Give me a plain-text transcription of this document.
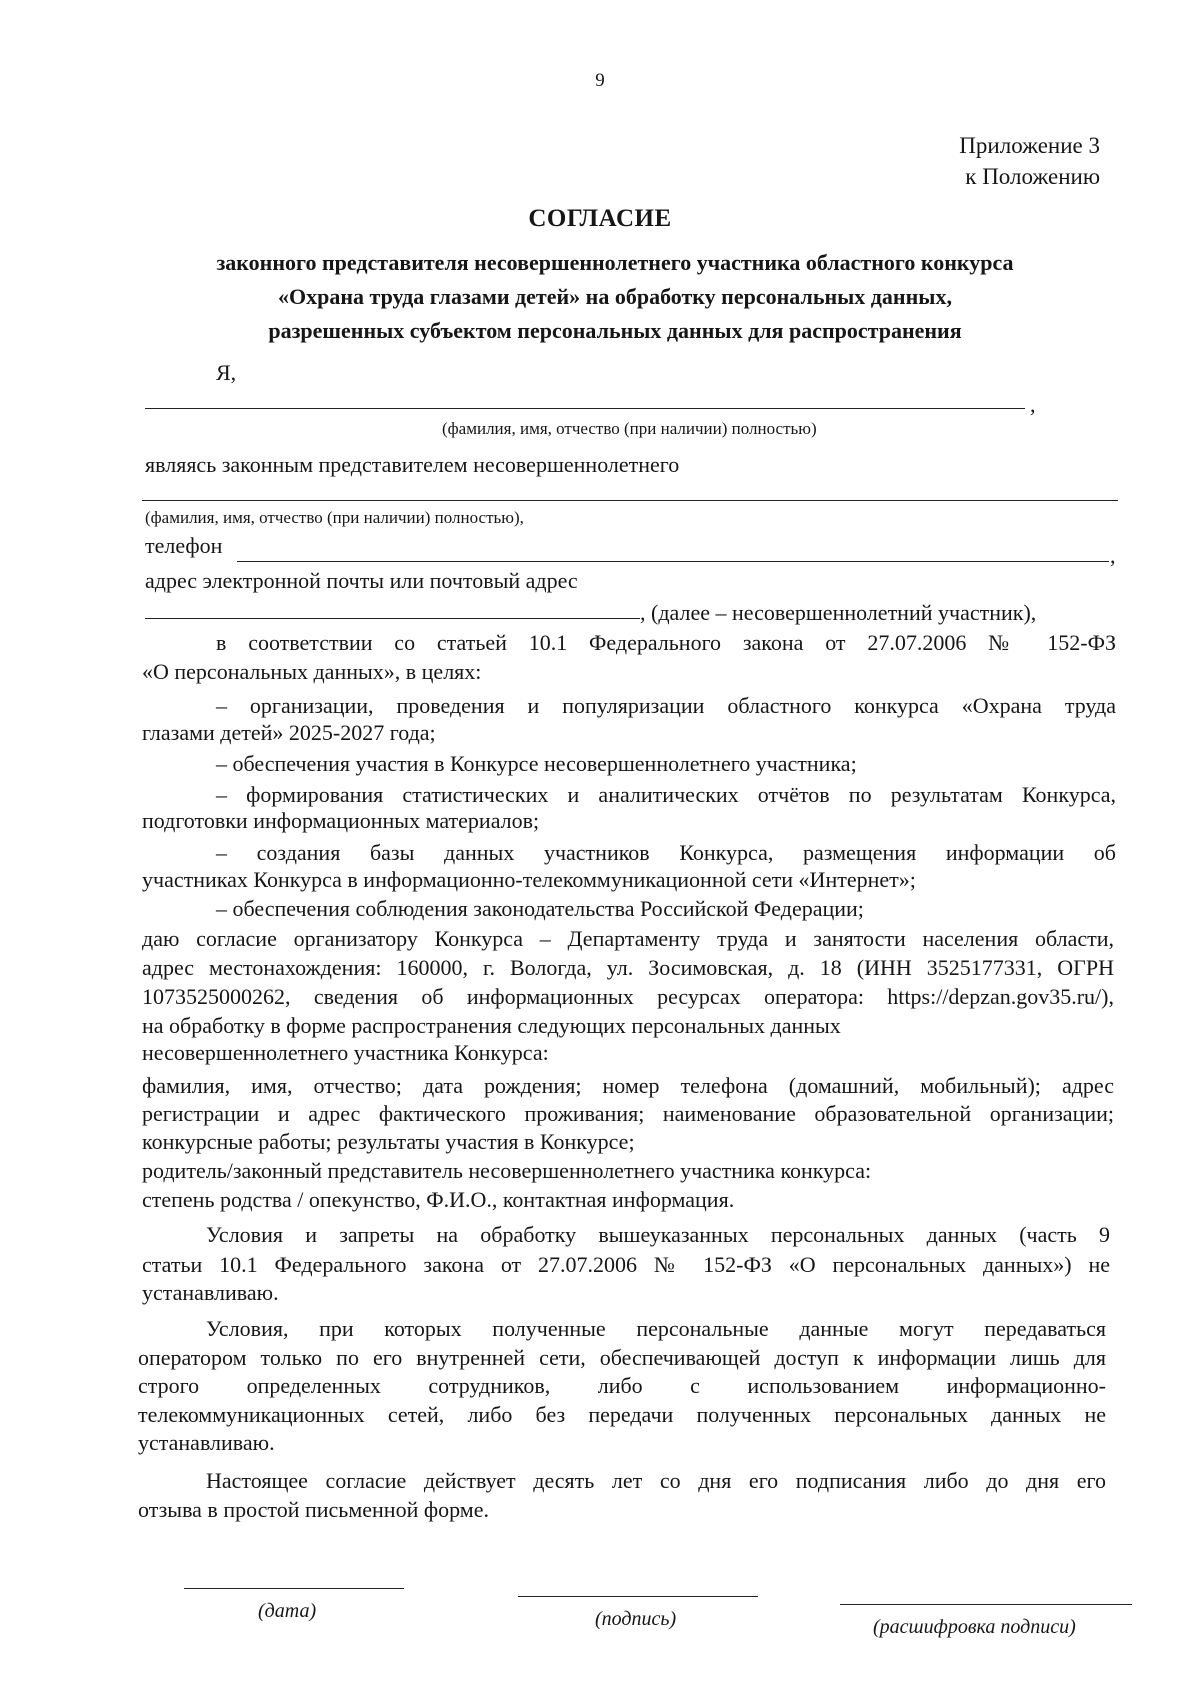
9
Приложение 3
к Положению
СОГЛАСИЕ
законного представителя несовершеннолетнего участника областного конкурса
«Охрана труда глазами детей» на обработку персональных данных,
разрешенных субъектом персональных данных для распространения
Я,
,
(фамилия, имя, отчество (при наличии) полностью)
являясь законным представителем несовершеннолетнего
(фамилия, имя, отчество (при наличии) полностью),
телефон	,
адрес электронной почты или почтовый адрес
, (далее – несовершеннолетний участник),
в соответствии со статьей 10.1 Федерального закона от 27.07.2006 № 152-ФЗ
«О персональных данных», в целях:
– организации, проведения и популяризации областного конкурса «Охрана труда
глазами детей» 2025-2027 года;
– обеспечения участия в Конкурсе несовершеннолетнего участника;
– формирования статистических и аналитических отчётов по результатам Конкурса,
подготовки информационных материалов;
– создания базы данных участников Конкурса, размещения информации об
участниках Конкурса в информационно-телекоммуникационной сети «Интернет»;
– обеспечения соблюдения законодательства Российской Федерации;
даю согласие организатору Конкурса – Департаменту труда и занятости населения области,
адрес местонахождения: 160000, г. Вологда, ул. Зосимовская, д. 18 (ИНН 3525177331, ОГРН
1073525000262, сведения об информационных ресурсах оператора: https://depzan.gov35.ru/),
на обработку в форме распространения следующих персональных данных
несовершеннолетнего участника Конкурса:
фамилия, имя, отчество; дата рождения; номер телефона (домашний, мобильный); адрес
регистрации и адрес фактического проживания; наименование образовательной организации;
конкурсные работы; результаты участия в Конкурсе;
родитель/законный представитель несовершеннолетнего участника конкурса:
степень родства / опекунство, Ф.И.О., контактная информация.
Условия и запреты на обработку вышеуказанных персональных данных (часть 9
статьи 10.1 Федерального закона от 27.07.2006 № 152-ФЗ «О персональных данных») не
устанавливаю.
Условия, при которых полученные персональные данные могут передаваться
оператором только по его внутренней сети, обеспечивающей доступ к информации лишь для
строго определенных сотрудников, либо с использованием информационно-
телекоммуникационных сетей, либо без передачи полученных персональных данных не
устанавливаю.
Настоящее согласие действует десять лет со дня его подписания либо до дня его
отзыва в простой письменной форме.
(дата)	(подпись)	(расшифровка подписи)
